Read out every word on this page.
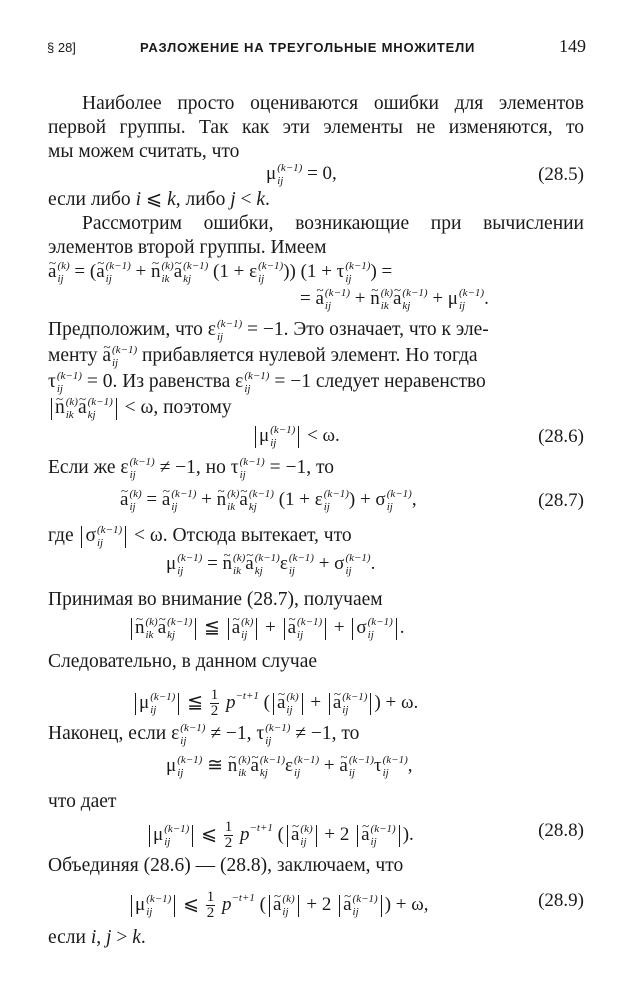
§ 28]	РАЗЛОЖЕНИЕ НА ТРЕУГОЛЬНЫЕ МНОЖИТЕЛИ	149
Наиболее просто оцениваются ошибки для элементов
первой группы. Так как эти элементы не изменяются, то
мы можем считать, что
μ (k−1)
ij	= 0,	(28.5)
если либо i ⩽ k, либо j < k.
Рассмотрим ошибки, возникающие при вычислении
элементов второй группы. Имеем
~ a (k)
ij = (~ a (k−1)
ij	+ ~ n (k)
ik ~ a (k−1)
kj (1 + ε (k−1)
ij	)) (1 + τ (k−1)
ij	) =
= ~ a (k−1)
ij	+ ~ n (k)
ik ~ a (k−1)
kj + μ (k−1)
ij	.
Предположим, что ε (k−1)
ij = −1. Это означает, что к эле-
менту ~ a (k−1)
ij	прибавляется нулевой элемент. Но тогда
τ (k−1)
ij = 0. Из равенства ε (k−1)
ij = −1 следует неравенство
~ n (k)
ik ~ a (k−1)
kj	< ω, поэтому
μ (k−1)
ij	< ω.	(28.6)
Если же ε (k−1)
ij ≠ −1, но τ (k−1)
ij = −1, то
~ a (k)
ij = ~ a (k−1)
ij	+ ~ n (k)
ik ~ a (k−1)
kj (1 + ε (k−1)
ij	) + σ (k−1)
ij	,	(28.7)
где σ (k−1)
ij	< ω. Отсюда вытекает, что
μ (k−1)
ij	= ~ n (k)
ik ~ a (k−1)
kj ε (k−1)
ij	+ σ (k−1)
ij	.
Принимая во внимание (28.7), получаем
~ n (k)
ik ~ a (k−1)
kj	≦ ~ a (k)
ij + ~ a (k−1)
ij	+ σ (k−1)
ij	.
Следовательно, в данном случае
μ (k−1)
ij	≦ $\frac{1}{2} p^{-t+1}$ ( ~ a (k)
ij + ~ a (k−1)
ij	) + ω.
Наконец, если ε (k−1)
ij ≠ −1, τ (k−1)
ij ≠ −1, то
μ (k−1)
ij	≅ ~ n (k)
ik ~ a (k−1)
kj ε (k−1)
ij	+ ~ a (k−1)
ij	τ (k−1)
ij	,
что дает
μ (k−1)
ij	⩽ $\frac{1}{2} p^{-t+1}$ ( ~ a (k)
ij + 2 ~ a (k−1)
ij	).	(28.8)
Объединяя (28.6) — (28.8), заключаем, что
μ (k−1)
ij	⩽ $\frac{1}{2} p^{-t+1}$ ( ~ a (k)
ij + 2 ~ a (k−1)
ij	) + ω,	(28.9)
если i, j > k.
